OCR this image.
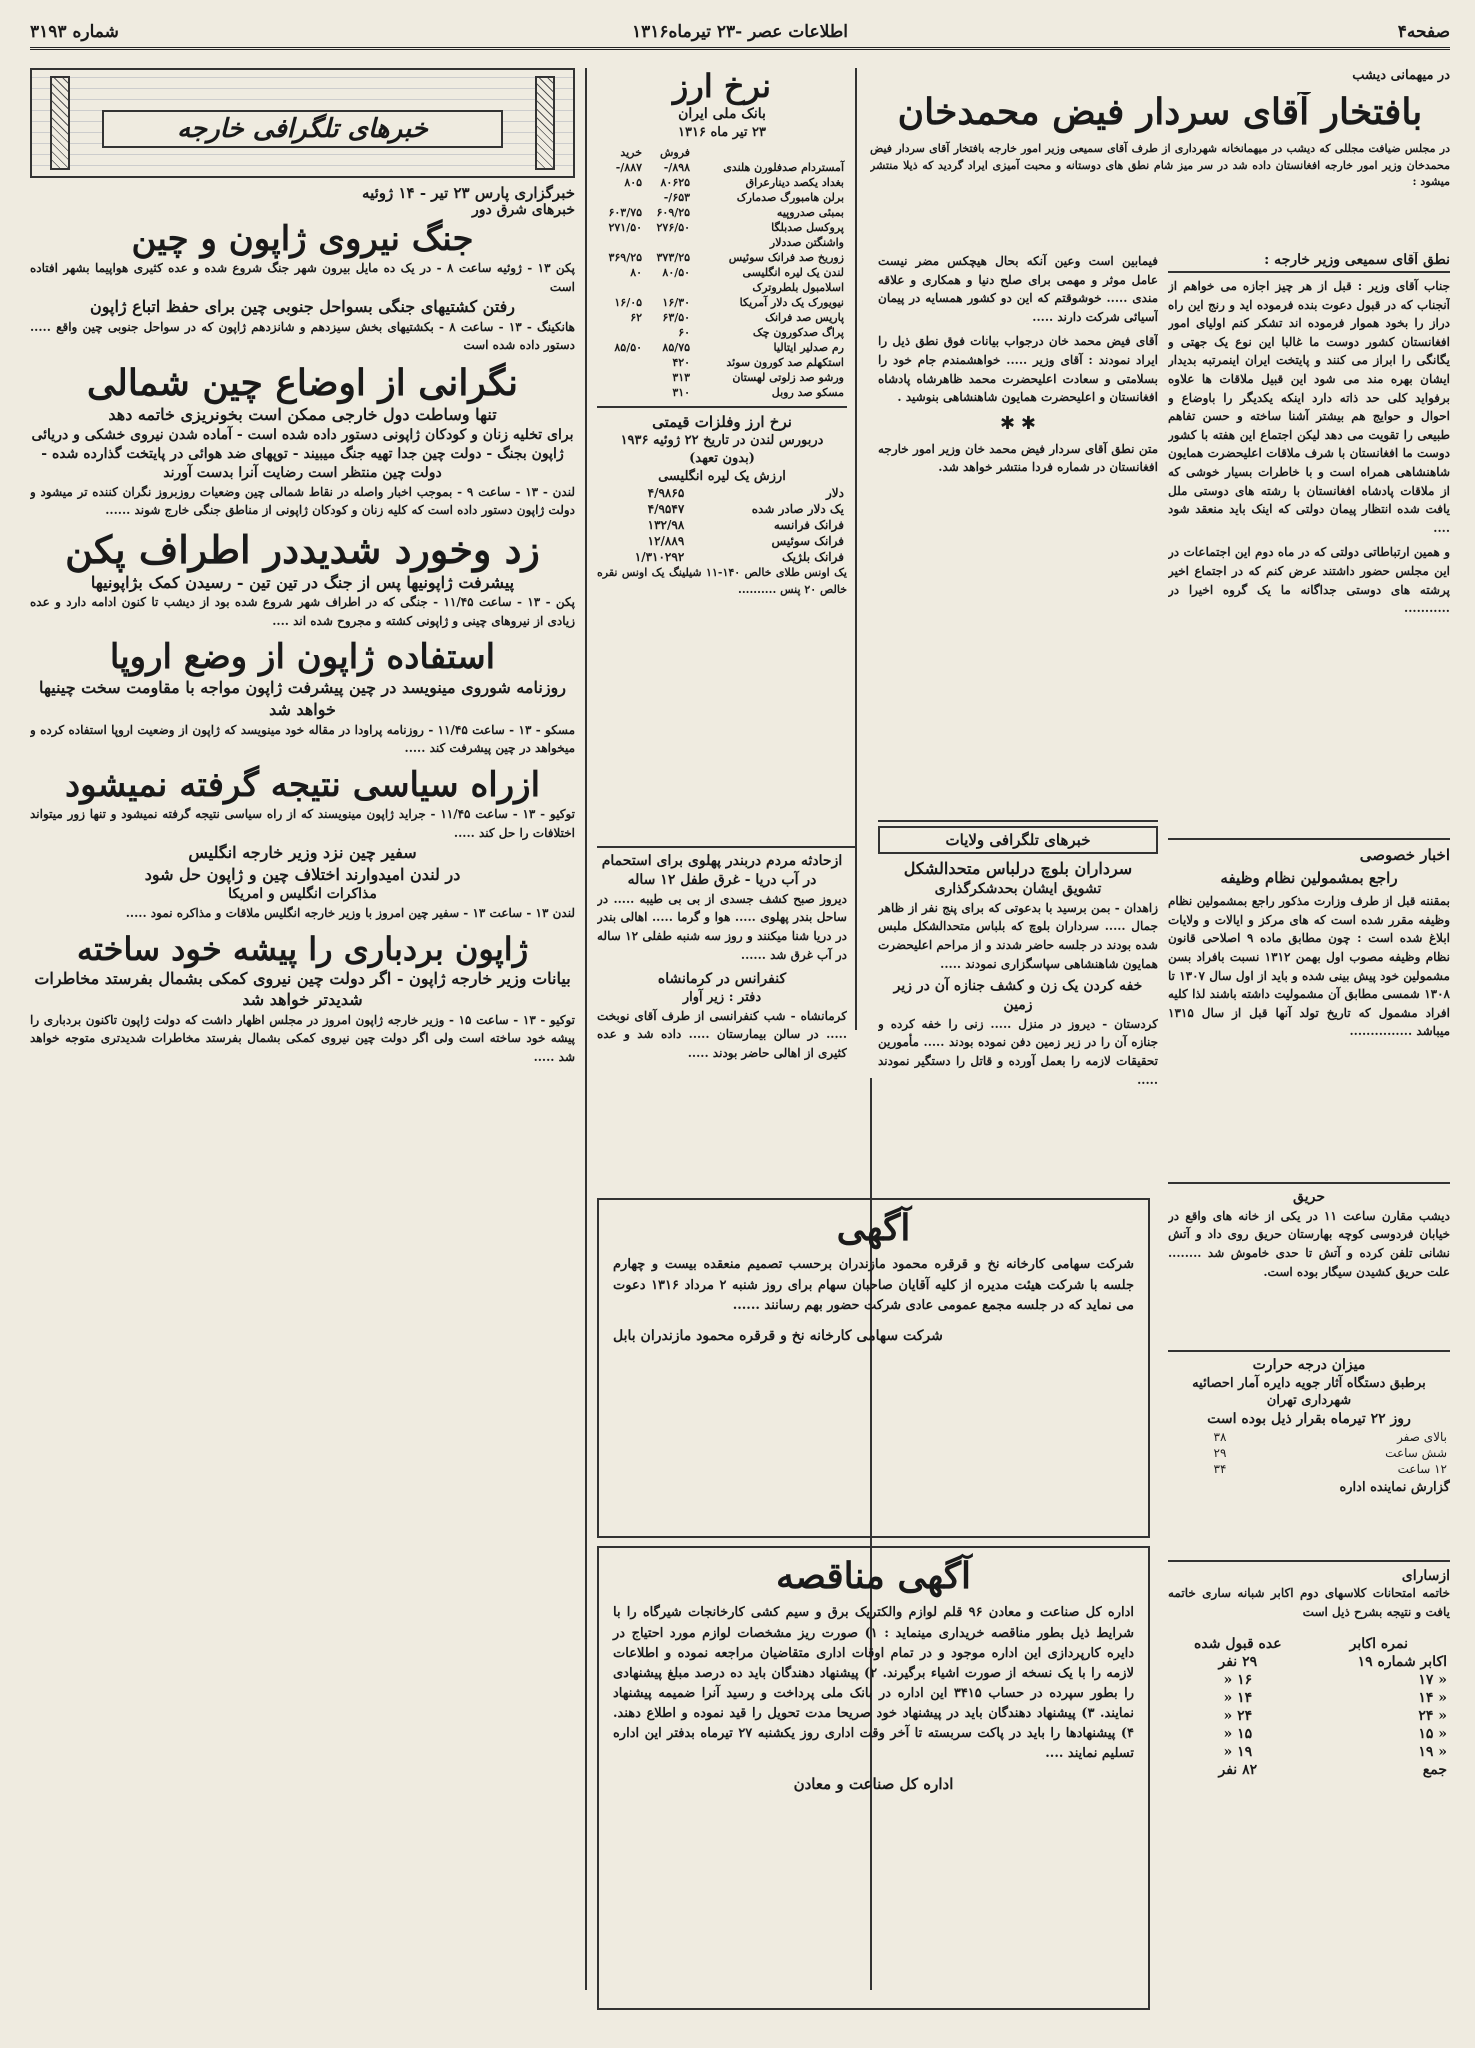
صفحه۴
اطلاعات عصر -۲۳ تیرماه۱۳۱۶
شماره ۳۱۹۳
در میهمانی دیشب
بافتخار آقای سردار فیض محمدخان
در مجلس ضیافت مجللی که دیشب در میهمانخانه شهرداری از طرف آقای سمیعی وزیر امور خارجه بافتخار آقای سردار فیض محمدخان وزیر امور خارجه افغانستان داده شد در سر میز شام نطق های دوستانه و محبت آمیزی ایراد گردید که ذیلا منتشر میشود :
نطق آقای سمیعی وزیر خارجه :
جناب آقای وزیر : قبل از هر چیز اجازه می خواهم از آنجناب که در قبول دعوت بنده فرموده اید و رنج این راه دراز را بخود هموار فرموده اند تشکر کنم اولیای امور افغانستان کشور دوست ما غالبا این نوع یک جهتی و یگانگی را ابراز می کنند و پایتخت ایران اینمرتبه بدیدار ایشان بهره مند می شود این قبیل ملاقات ها علاوه برفواید کلی حد ذاته دارد اینکه یکدیگر را باوضاع و احوال و حوایج هم بیشتر آشنا ساخته و حسن تفاهم طبیعی را تقویت می دهد لیکن اجتماع این هفته با کشور دوست ما افغانستان با شرف ملاقات اعلیحضرت همایون شاهنشاهی همراه است و با خاطرات بسیار خوشی که از ملاقات پادشاه افغانستان با رشته های دوستی ملل یافت شده انتظار پیمان دولتی که اینک باید منعقد شود ....
و همین ارتباطاتی دولتی که در ماه دوم این اجتماعات در این مجلس حضور داشتند عرض کنم که در اجتماع اخیر پرشته های دوستی جداگانه ما یک گروه اخیرا در ...........
اخبار خصوصی
راجع بمشمولین نظام وظیفه
بمقننه قبل از طرف وزارت مذکور راجع بمشمولین نظام وظیفه مقرر شده است که های مرکز و ایالات و ولایات ابلاغ شده است : چون مطابق ماده ۹ اصلاحی قانون نظام وظیفه مصوب اول بهمن ۱۳۱۲ نسبت بافراد بسن مشمولین خود پیش بینی شده و باید از اول سال ۱۳۰۷ تا ۱۳۰۸ شمسی مطابق آن مشمولیت داشته باشند لذا کلیه افراد مشمول که تاریخ تولد آنها قبل از سال ۱۳۱۵ میباشد ...............
حریق
دیشب مقارن ساعت ۱۱ در یکی از خانه های واقع در خیابان فردوسی کوچه بهارستان حریق روی داد و آتش نشانی تلفن کرده و آتش تا حدی خاموش شد ........ علت حریق کشیدن سیگار بوده است.
میزان درجه حرارت
برطبق دستگاه آثار جویه دایره آمار احصائیه شهرداری تهران
روز ۲۲ تیرماه بقرار ذیل بوده است
بالای صفر	۳۸
شش ساعت	۲۹
۱۲ ساعت	۳۴
گزارش نماینده اداره
ازسارای
خاتمه امتحانات کلاسهای دوم اکابر شبانه ساری خاتمه یافت و نتیجه بشرح ذیل است
نمره اکابر	عده قبول شده
اکابر شماره ۱۹	۲۹ نفر
« ۱۷	۱۶ «
« ۱۴	۱۴ «
« ۲۴	۲۴ «
« ۱۵	۱۵ «
« ۱۹	۱۹ «
جمع	۸۲ نفر
فیمابین است وعین آنکه بحال هیچکس مضر نیست عامل موثر و مهمی برای صلح دنیا و همکاری و علاقه مندی ..... خوشوقتم که این دو کشور همسایه در پیمان آسیائی شرکت دارند .....
آقای فیض محمد خان درجواب بیانات فوق نطق ذیل را ایراد نمودند : آقای وزیر ..... خواهشمندم جام خود را بسلامتی و سعادت اعلیحضرت محمد ظاهرشاه پادشاه افغانستان و اعلیحضرت همایون شاهنشاهی بنوشید .
✱ ✱
متن نطق آقای سردار فیض محمد خان وزیر امور خارجه افغانستان در شماره فردا منتشر خواهد شد.
خبرهای تلگرافی ولایات
سرداران بلوچ درلباس متحدالشکل
تشویق ایشان بحدشکرگذاری
زاهدان - بمن برسید با بدعوتی که برای پنج نفر از ظاهر جمال ..... سرداران بلوچ که بلباس متحدالشکل ملبس شده بودند در جلسه حاضر شدند و از مراحم اعلیحضرت همایون شاهنشاهی سپاسگزاری نمودند .....
خفه کردن یک زن و کشف جنازه آن در زیر زمین
کردستان - دیروز در منزل ..... زنی را خفه کرده و جنازه آن را در زیر زمین دفن نموده بودند ..... مأمورین تحقیقات لازمه را بعمل آورده و قاتل را دستگیر نمودند .....
نرخ ارز
بانک ملی ایران
۲۳ تیر ماه ۱۳۱۶
	فروش	خرید
آمستردام صدفلورن هلندی	۸۹۸/-	۸۸۷/-
بغداد یکصد دینارعراق	۸۰۶۲۵	۸۰۵
برلن هامبورگ صدمارک	۶۵۳/-	
بمبئی صدروپیه	۶۰۹/۲۵	۶۰۳/۷۵
پروکسل صدبلگا	۲۷۶/۵۰	۲۷۱/۵۰
واشنگتن صددلار		
زوریخ صد فرانک سوئیس	۳۷۳/۲۵	۳۶۹/۲۵
لندن یک لیره انگلیسی	۸۰/۵۰	۸۰
اسلامبول بلطروترک		
نیویورک یک دلار آمریکا	۱۶/۳۰	۱۶/۰۵
پاریس صد فرانک	۶۳/۵۰	۶۲
پراگ صدکورون چک	۶۰	
رم صدلیر ایتالیا	۸۵/۷۵	۸۵/۵۰
استکهلم صد کورون سوئد	۴۲۰	
ورشو صد زلوتی لهستان	۳۱۳	
مسکو صد روبل	۳۱۰	
نرخ ارز وفلزات قیمتی
دربورس لندن در تاریخ ۲۲ ژوئیه ۱۹۳۶
(بدون تعهد)
ارزش یک لیره انگلیسی
دلار	۴/۹۸۶۵
یک دلار صادر شده	۴/۹۵۴۷
فرانک فرانسه	۱۳۲/۹۸
فرانک سوئیس	۱۲/۸۸۹
فرانک بلژیک	۱/۳۱۰۲۹۲
یک اونس طلای خالص ۱۴۰-۱۱ شیلینگ یک اونس نقره خالص ۲۰ پنس ..........
ازحادثه مردم دربندر پهلوی برای استحمام در آب دریا - غرق طفل ۱۲ ساله
دیروز صبح کشف جسدی از بی بی طیبه ..... در ساحل بندر پهلوی ..... هوا و گرما ..... اهالی بندر در دریا شنا میکنند و روز سه شنبه طفلی ۱۲ ساله در آب غرق شد ......
کنفرانس در کرمانشاه
دفتر : زیر آوار
کرمانشاه - شب کنفرانسی از طرف آقای نوبخت ..... در سالن بیمارستان ..... داده شد و عده کثیری از اهالی حاضر بودند .....
آگهی
شرکت سهامی کارخانه نخ و قرقره محمود مازندران برحسب تصمیم منعقده بیست و چهارم جلسه با شرکت هیئت مدیره از کلیه آقایان صاحبان سهام برای روز شنبه ۲ مرداد ۱۳۱۶ دعوت می نماید که در جلسه مجمع عمومی عادی شرکت حضور بهم رسانند ......
شرکت سهامی کارخانه نخ و قرقره محمود مازندران بابل
آگهی مناقصه
اداره کل صناعت و معادن ۹۶ قلم لوازم والکتریک برق و سیم کشی کارخانجات شیرگاه را با شرایط ذیل بطور مناقصه خریداری مینماید : ۱) صورت ریز مشخصات لوازم مورد احتیاج در دایره کارپردازی این اداره موجود و در تمام اوقات اداری متقاضیان مراجعه نموده و اطلاعات لازمه را با یک نسخه از صورت اشیاء برگیرند. ۲) پیشنهاد دهندگان باید ده درصد مبلغ پیشنهادی را بطور سپرده در حساب ۳۴۱۵ این اداره در بانک ملی پرداخت و رسید آنرا ضمیمه پیشنهاد نمایند. ۳) پیشنهاد دهندگان باید در پیشنهاد خود صریحا مدت تحویل را قید نموده و اطلاع دهند. ۴) پیشنهادها را باید در پاکت سربسته تا آخر وقت اداری روز یکشنبه ۲۷ تیرماه بدفتر این اداره تسلیم نمایند ....
اداره کل صناعت و معادن
خبرهای تلگرافی خارجه
خبرگزاری پارس ۲۳ تیر - ۱۴ ژوئیه
خبرهای شرق دور
جنگ نیروی ژاپون و چین
پکن ۱۳ - ژوئیه ساعت ۸ - در یک ده مایل بیرون شهر جنگ شروع شده و عده کثیری هواپیما بشهر افتاده است
رفتن کشتیهای جنگی بسواحل جنوبی چین برای حفظ اتباع ژاپون
هانکینگ - ۱۳ - ساعت ۸ - بکشتیهای بخش سیزدهم و شانزدهم ژاپون که در سواحل جنوبی چین واقع ..... دستور داده شده است
نگرانی از اوضاع چین شمالی
تنها وساطت دول خارجی ممکن است بخونریزی خاتمه دهد
برای تخلیه زنان و کودکان ژاپونی دستور داده شده است - آماده شدن نیروی خشکی و دریائی ژاپون بجنگ - دولت چین جدا تهیه جنگ میبیند - توپهای ضد هوائی در پایتخت گذارده شده - دولت چین منتظر است رضایت آنرا بدست آورند
لندن - ۱۳ - ساعت ۹ - بموجب اخبار واصله در نقاط شمالی چین وضعیات روزبروز نگران کننده تر میشود و دولت ژاپون دستور داده است که کلیه زنان و کودکان ژاپونی از مناطق جنگی خارج شوند ......
زد وخورد شدیددر اطراف پکن
پیشرفت ژاپونیها پس از جنگ در تین تین - رسیدن کمک بژاپونیها
پکن - ۱۳ - ساعت ۱۱/۴۵ - جنگی که در اطراف شهر شروع شده بود از دیشب تا کنون ادامه دارد و عده زیادی از نیروهای چینی و ژاپونی کشته و مجروح شده اند ....
استفاده ژاپون از وضع اروپا
روزنامه شوروی مینویسد در چین پیشرفت ژاپون مواجه با مقاومت سخت چینیها خواهد شد
مسکو - ۱۳ - ساعت ۱۱/۴۵ - روزنامه پراودا در مقاله خود مینویسد که ژاپون از وضعیت اروپا استفاده کرده و میخواهد در چین پیشرفت کند .....
ازراه سیاسی نتیجه گرفته نمیشود
توکیو - ۱۳ - ساعت ۱۱/۴۵ - جراید ژاپون مینویسند که از راه سیاسی نتیجه گرفته نمیشود و تنها زور میتواند اختلافات را حل کند .....
سفیر چین نزد وزیر خارجه انگلیس
در لندن امیدوارند اختلاف چین و ژاپون حل شود
مذاکرات انگلیس و امریکا
لندن ۱۳ - ساعت ۱۳ - سفیر چین امروز با وزیر خارجه انگلیس ملاقات و مذاکره نمود .....
ژاپون بردباری را پیشه خود ساخته
بیانات وزیر خارجه ژاپون - اگر دولت چین نیروی کمکی بشمال بفرستد مخاطرات شدیدتر خواهد شد
توکیو - ۱۳ - ساعت ۱۵ - وزیر خارجه ژاپون امروز در مجلس اظهار داشت که دولت ژاپون تاکنون بردباری را پیشه خود ساخته است ولی اگر دولت چین نیروی کمکی بشمال بفرستد مخاطرات شدیدتری متوجه خواهد شد .....
